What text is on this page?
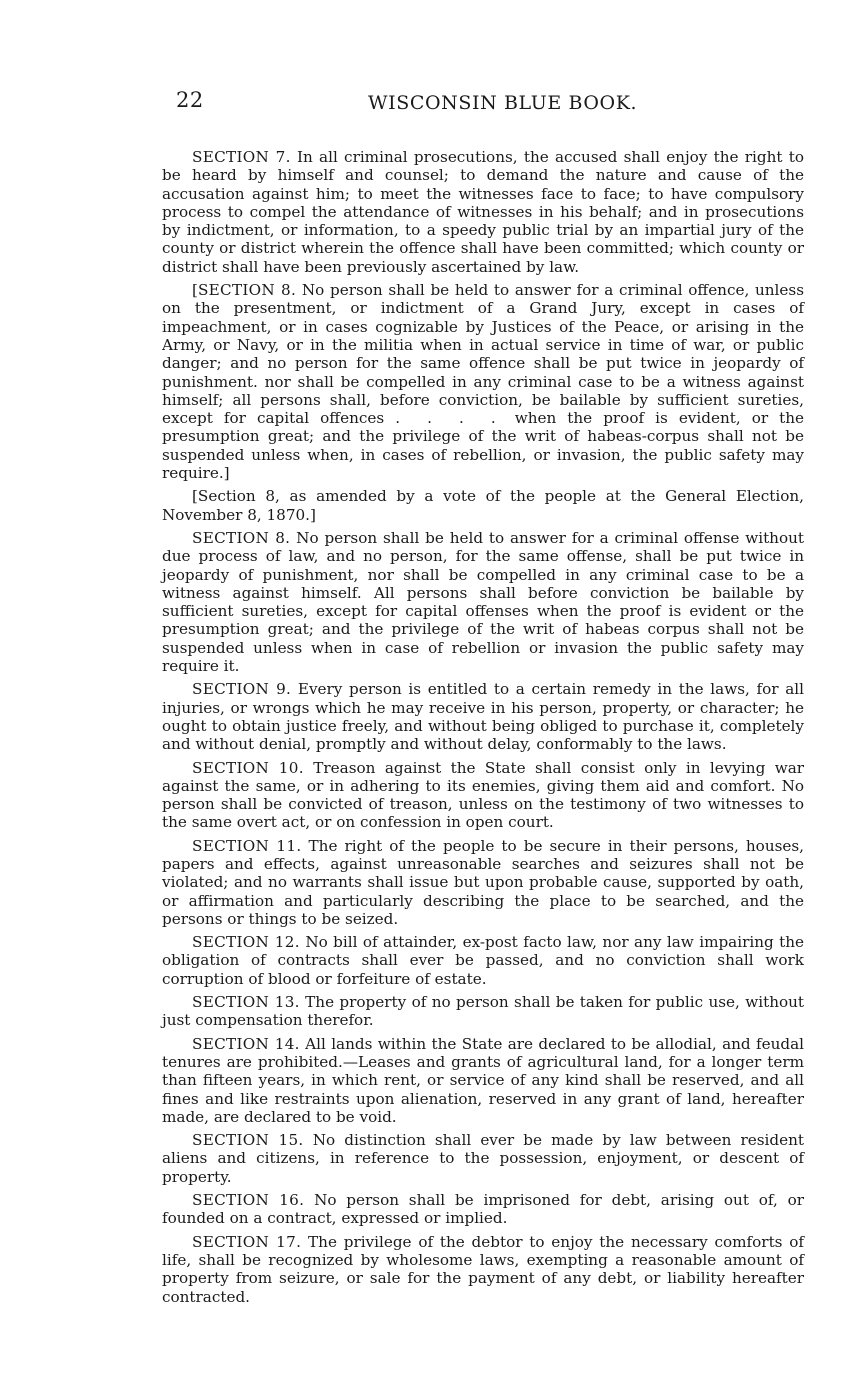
22	WISCONSIN BLUE BOOK.

SECTION 7. In all criminal prosecutions, the accused shall enjoy the right to be heard by himself and counsel; to demand the nature and cause of the accusation against him; to meet the witnesses face to face; to have compulsory process to compel the attendance of witnesses in his behalf; and in prosecutions by indictment, or information, to a speedy public trial by an impartial jury of the county or district wherein the offence shall have been committed; which county or district shall have been previously ascertained by law.

[SECTION 8. No person shall be held to answer for a criminal offence, unless on the presentment, or indictment of a Grand Jury, except in cases of impeachment, or in cases cognizable by Justices of the Peace, or arising in the Army, or Navy, or in the militia when in actual service in time of war, or public danger; and no person for the same offence shall be put twice in jeopardy of punishment. nor shall be compelled in any criminal case to be a witness against himself; all persons shall, before conviction, be bailable by sufficient sureties, except for capital offences . . . . when the proof is evident, or the presumption great; and the privilege of the writ of habeas-corpus shall not be suspended unless when, in cases of rebellion, or invasion, the public safety may require.]

[Section 8, as amended by a vote of the people at the General Election, November 8, 1870.]

SECTION 8. No person shall be held to answer for a criminal offense without due process of law, and no person, for the same offense, shall be put twice in jeopardy of punishment, nor shall be compelled in any criminal case to be a witness against himself. All persons shall before conviction be bailable by sufficient sureties, except for capital offenses when the proof is evident or the presumption great; and the privilege of the writ of habeas corpus shall not be suspended unless when in case of rebellion or invasion the public safety may require it.

SECTION 9. Every person is entitled to a certain remedy in the laws, for all injuries, or wrongs which he may receive in his person, property, or character; he ought to obtain justice freely, and without being obliged to purchase it, completely and without denial, promptly and without delay, conformably to the laws.

SECTION 10. Treason against the State shall consist only in levying war against the same, or in adhering to its enemies, giving them aid and comfort. No person shall be convicted of treason, unless on the testimony of two witnesses to the same overt act, or on confession in open court.

SECTION 11. The right of the people to be secure in their persons, houses, papers and effects, against unreasonable searches and seizures shall not be violated; and no warrants shall issue but upon probable cause, supported by oath, or affirmation and particularly describing the place to be searched, and the persons or things to be seized.

SECTION 12. No bill of attainder, ex-post facto law, nor any law impairing the obligation of contracts shall ever be passed, and no conviction shall work corruption of blood or forfeiture of estate.

SECTION 13. The property of no person shall be taken for public use, without just compensation therefor.

SECTION 14. All lands within the State are declared to be allodial, and feudal tenures are prohibited.—Leases and grants of agricultural land, for a longer term than fifteen years, in which rent, or service of any kind shall be reserved, and all fines and like restraints upon alienation, reserved in any grant of land, hereafter made, are declared to be void.

SECTION 15. No distinction shall ever be made by law between resident aliens and citizens, in reference to the possession, enjoyment, or descent of property.

SECTION 16. No person shall be imprisoned for debt, arising out of, or founded on a contract, expressed or implied.

SECTION 17. The privilege of the debtor to enjoy the necessary comforts of life, shall be recognized by wholesome laws, exempting a reasonable amount of property from seizure, or sale for the payment of any debt, or liability hereafter contracted.
